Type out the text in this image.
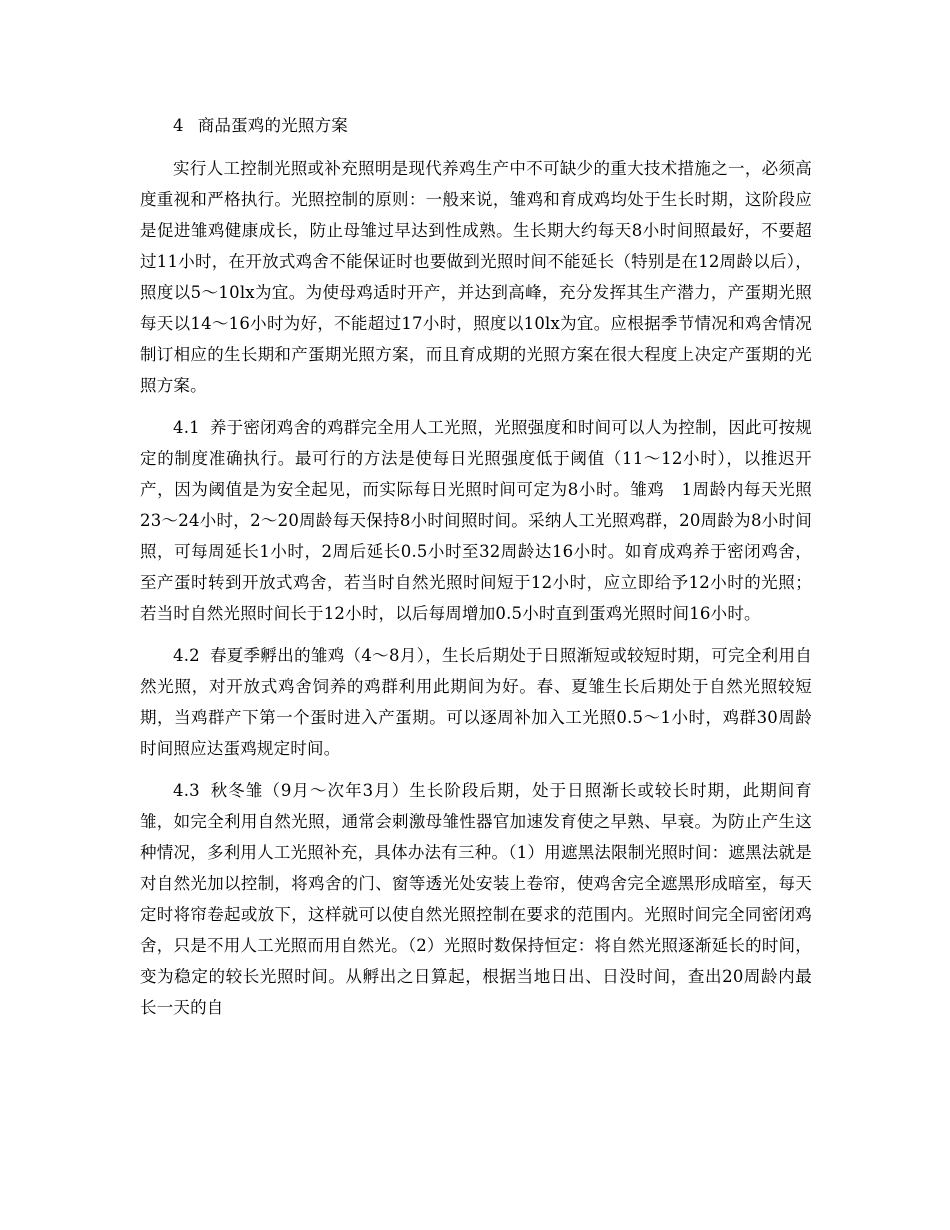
4 商品蛋鸡的光照方案

实行人工控制光照或补充照明是现代养鸡生产中不可缺少的重大技术措施之一，必须高度重视和严格执行。光照控制的原则：一般来说，雏鸡和育成鸡均处于生长时期，这阶段应是促进雏鸡健康成长，防止母雏过早达到性成熟。生长期大约每天8小时间照最好，不要超过11小时，在开放式鸡舍不能保证时也要做到光照时间不能延长（特别是在12周龄以后），照度以5～10lx为宜。为使母鸡适时开产，并达到高峰，充分发挥其生产潜力，产蛋期光照每天以14～16小时为好，不能超过17小时，照度以10lx为宜。应根据季节情况和鸡舍情况制订相应的生长期和产蛋期光照方案，而且育成期的光照方案在很大程度上决定产蛋期的光照方案。

4.1 养于密闭鸡舍的鸡群完全用人工光照，光照强度和时间可以人为控制，因此可按规定的制度准确执行。最可行的方法是使每日光照强度低于阈值（11～12小时），以推迟开产，因为阈值是为安全起见，而实际每日光照时间可定为8小时。雏鸡　1周龄内每天光照23～24小时，2～20周龄每天保持8小时间照时间。采纳人工光照鸡群，20周龄为8小时间照，可每周延长1小时，2周后延长0.5小时至32周龄达16小时。如育成鸡养于密闭鸡舍，至产蛋时转到开放式鸡舍，若当时自然光照时间短于12小时，应立即给予12小时的光照；若当时自然光照时间长于12小时，以后每周增加0.5小时直到蛋鸡光照时间16小时。

4.2 春夏季孵出的雏鸡（4～8月），生长后期处于日照渐短或较短时期，可完全利用自然光照，对开放式鸡舍饲养的鸡群利用此期间为好。春、夏雏生长后期处于自然光照较短期，当鸡群产下第一个蛋时进入产蛋期。可以逐周补加入工光照0.5～1小时，鸡群30周龄时间照应达蛋鸡规定时间。

4.3 秋冬雏（9月～次年3月）生长阶段后期，处于日照渐长或较长时期，此期间育雏，如完全利用自然光照，通常会刺激母雏性器官加速发育使之早熟、早衰。为防止产生这种情况，多利用人工光照补充，具体办法有三种。（1）用遮黑法限制光照时间：遮黑法就是对自然光加以控制，将鸡舍的门、窗等透光处安装上卷帘，使鸡舍完全遮黑形成暗室，每天定时将帘卷起或放下，这样就可以使自然光照控制在要求的范围内。光照时间完全同密闭鸡舍，只是不用人工光照而用自然光。（2）光照时数保持恒定：将自然光照逐渐延长的时间，变为稳定的较长光照时间。从孵出之日算起，根据当地日出、日没时间，查出20周龄内最长一天的自
